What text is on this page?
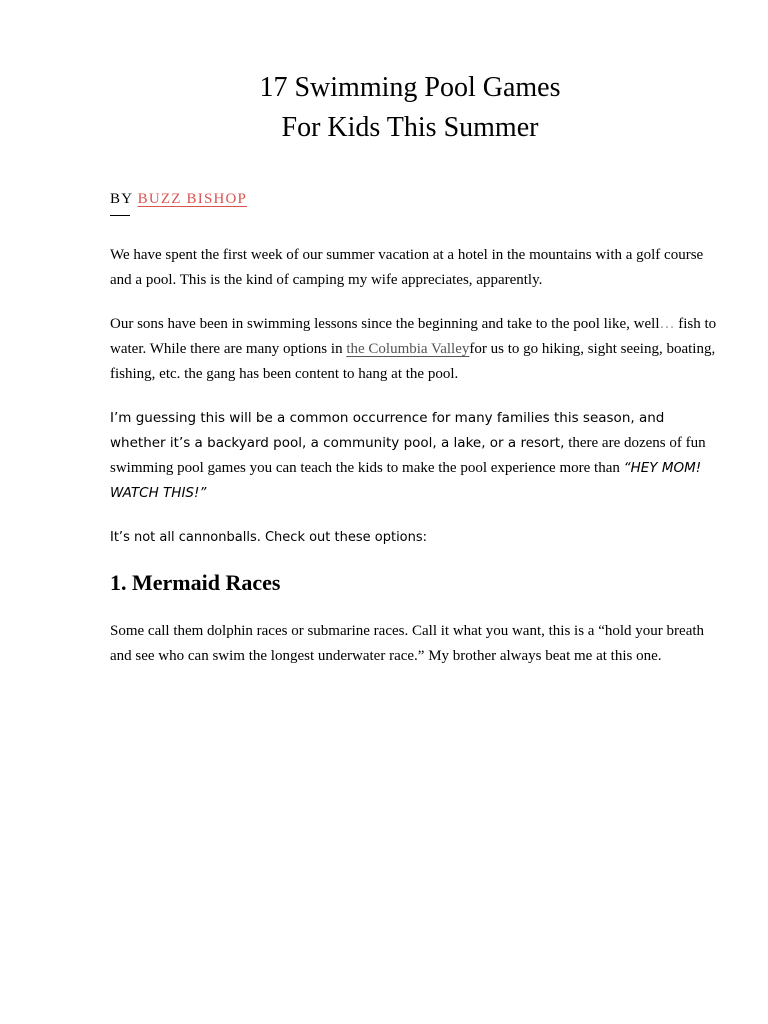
17 Swimming Pool Games
For Kids This Summer
BY BUZZ BISHOP

We have spent the first week of our summer vacation at a hotel in the mountains with a golf course and a pool. This is the kind of camping my wife appreciates, apparently.

Our sons have been in swimming lessons since the beginning and take to the pool like, well… fish to water. While there are many options in the Columbia Valleyfor us to go hiking, sight seeing, boating, fishing, etc. the gang has been content to hang at the pool.

I’m guessing this will be a common occurrence for many families this season, and whether it’s a backyard pool, a community pool, a lake, or a resort, there are dozens of fun swimming pool games you can teach the kids to make the pool experience more than “HEY MOM! WATCH THIS!”

It’s not all cannonballs. Check out these options:

1. Mermaid Races

Some call them dolphin races or submarine races. Call it what you want, this is a “hold your breath and see who can swim the longest underwater race.” My brother always beat me at this one.
